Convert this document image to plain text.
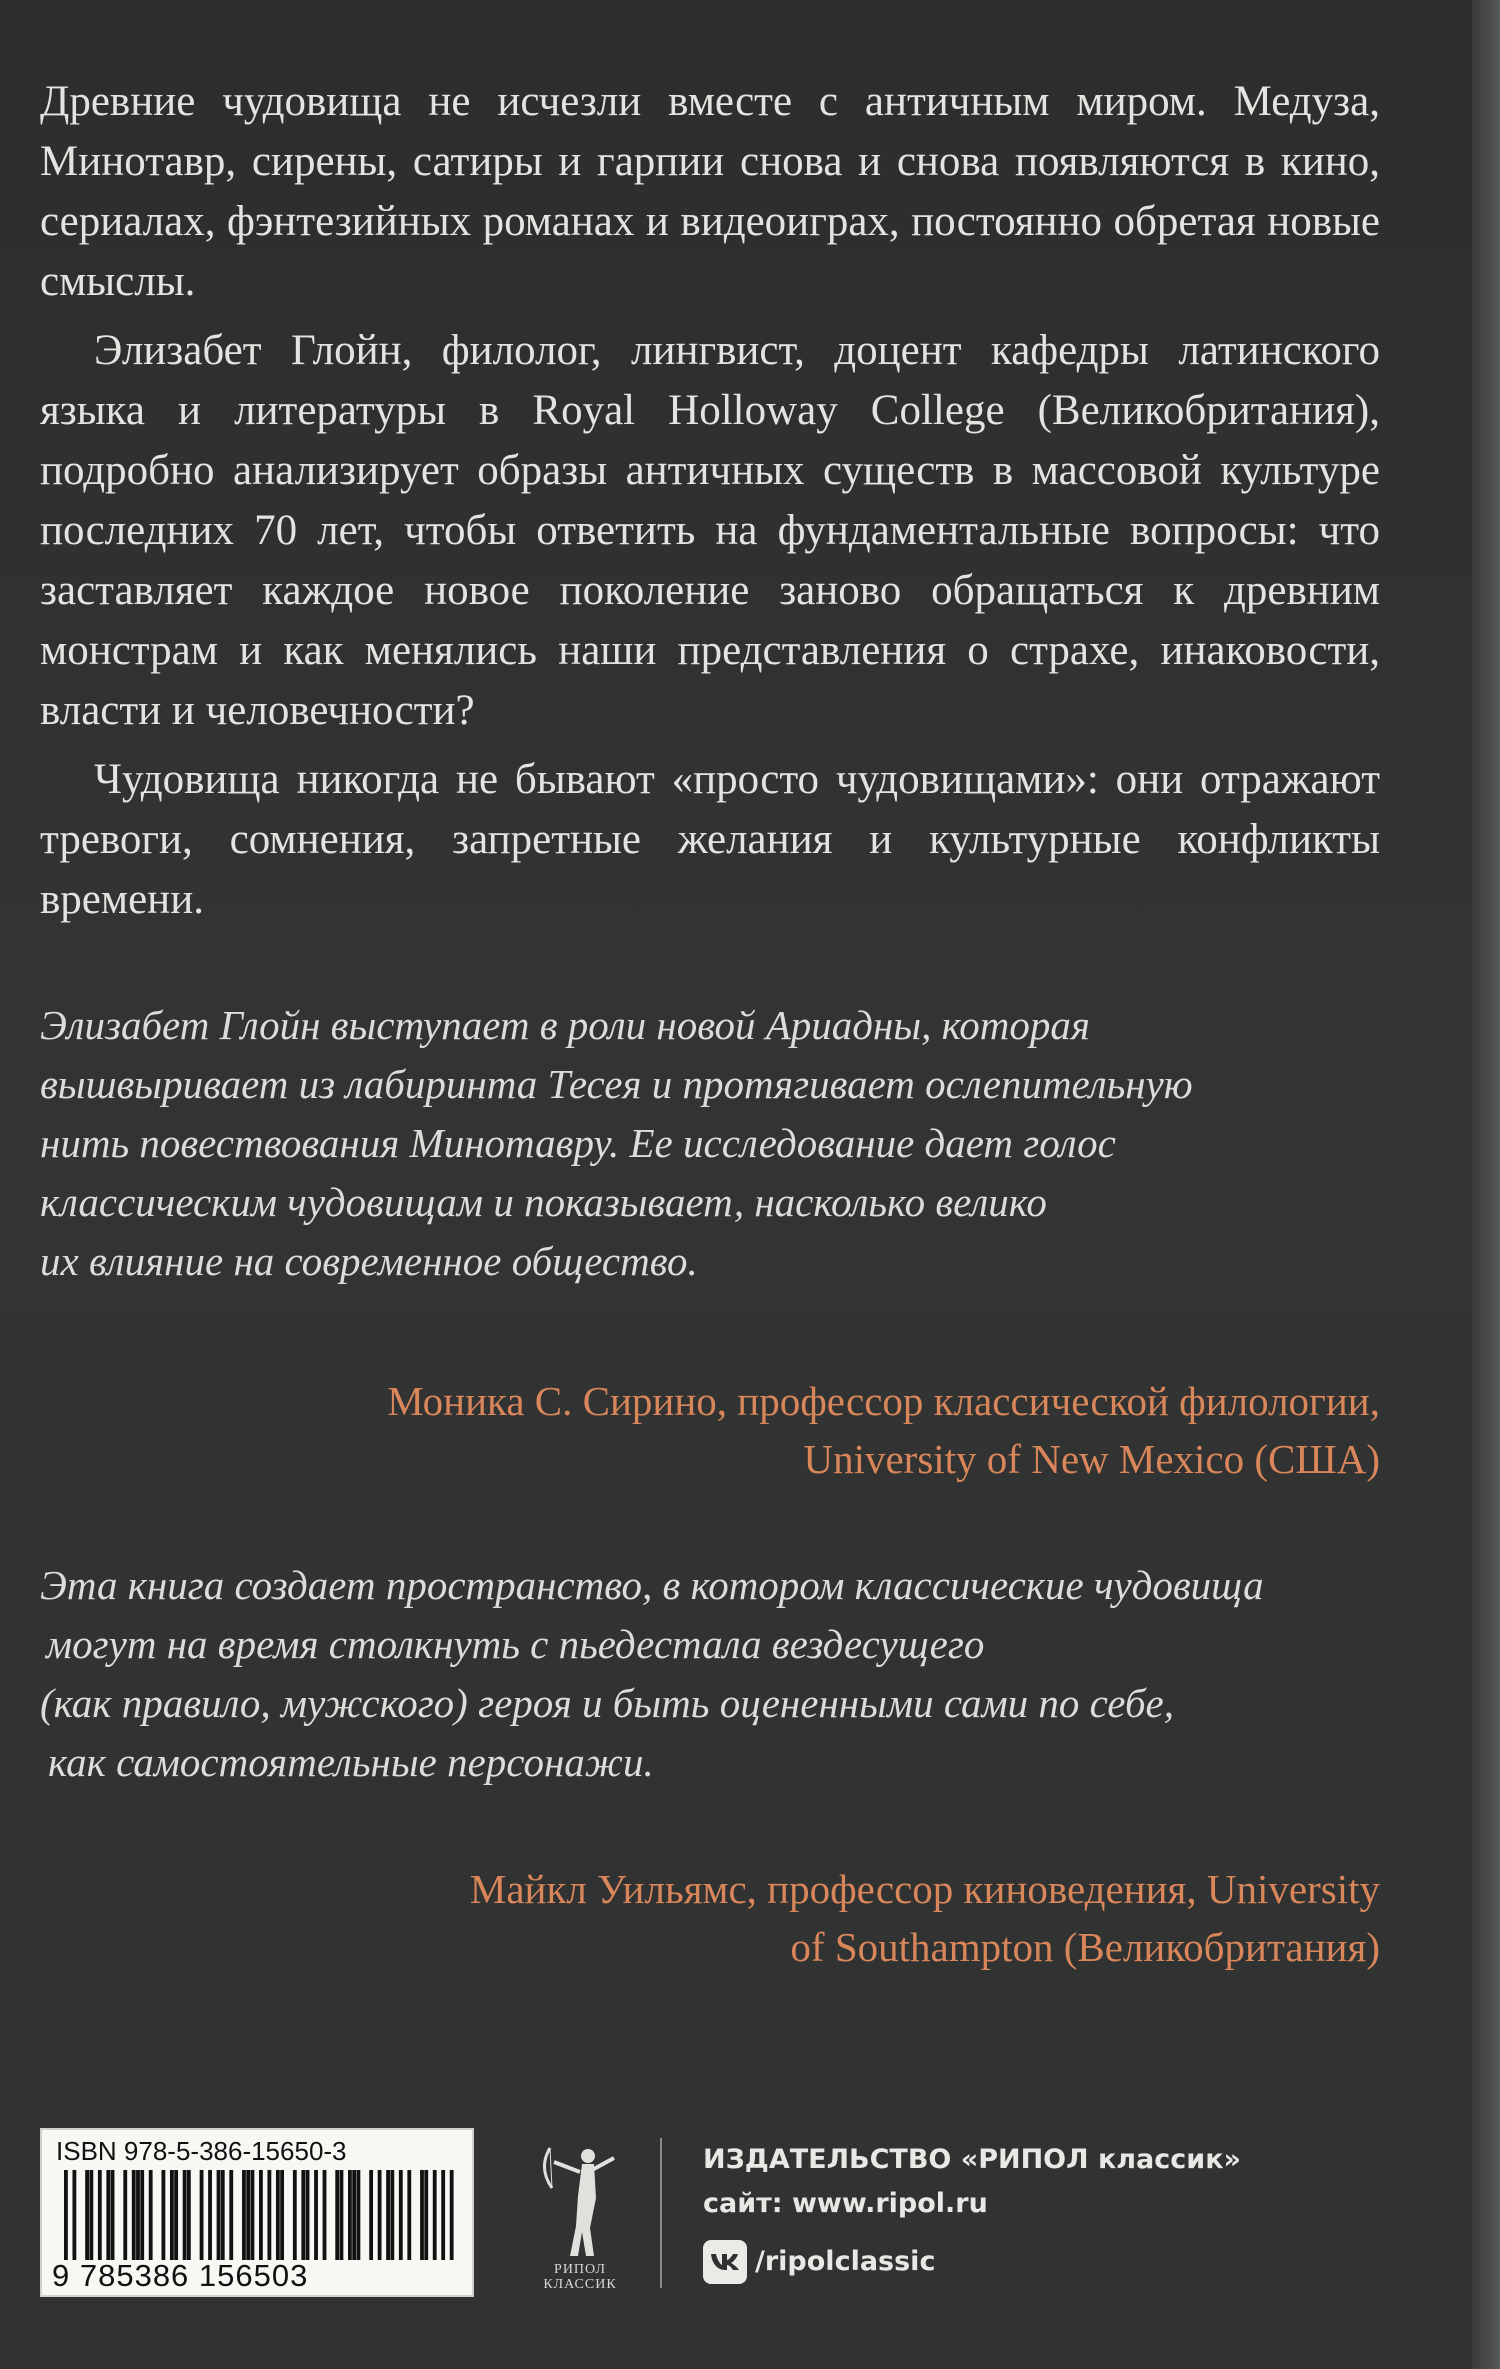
Древние чудовища не исчезли вместе с античным миром. Медуза, Минотавр, сирены, сатиры и гарпии снова и снова появляются в кино, сериалах, фэнтезийных романах и видеоиграх, постоянно обретая новые смыслы.

Элизабет Глойн, филолог, лингвист, доцент кафедры латинского языка и литературы в Royal Holloway College (Великобритания), подробно анализирует образы античных существ в массовой культуре последних 70 лет, чтобы ответить на фундаментальные вопросы: что заставляет каждое новое поколение заново обращаться к древним монстрам и как менялись наши представления о страхе, инаковости, власти и человечности?

Чудовища никогда не бывают «просто чудовищами»: они отражают тревоги, сомнения, запретные желания и культурные конфликты времени.

Элизабет Глойн выступает в роли новой Ариадны, которая
вышвыривает из лабиринта Тесея и протягивает ослепительную
нить повествования Минотавру. Ее исследование дает голос
классическим чудовищам и показывает, насколько велико
их влияние на современное общество.
Моника С. Сирино, профессор классической филологии,
University of New Mexico (США)
Эта книга создает пространство, в котором классические чудовища
могут на время столкнуть с пьедестала вездесущего
(как правило, мужского) героя и быть оцененными сами по себе,
как самостоятельные персонажи.
Майкл Уильямс, профессор киноведения, University
of Southampton (Великобритания)
ISBN 978-5-386-15650-3
9 785386 156503	РИПОЛ
КЛАССИК
ИЗДАТЕЛЬСТВО «РИПОЛ классик»
сайт: www.ripol.ru
/ripolclassic
